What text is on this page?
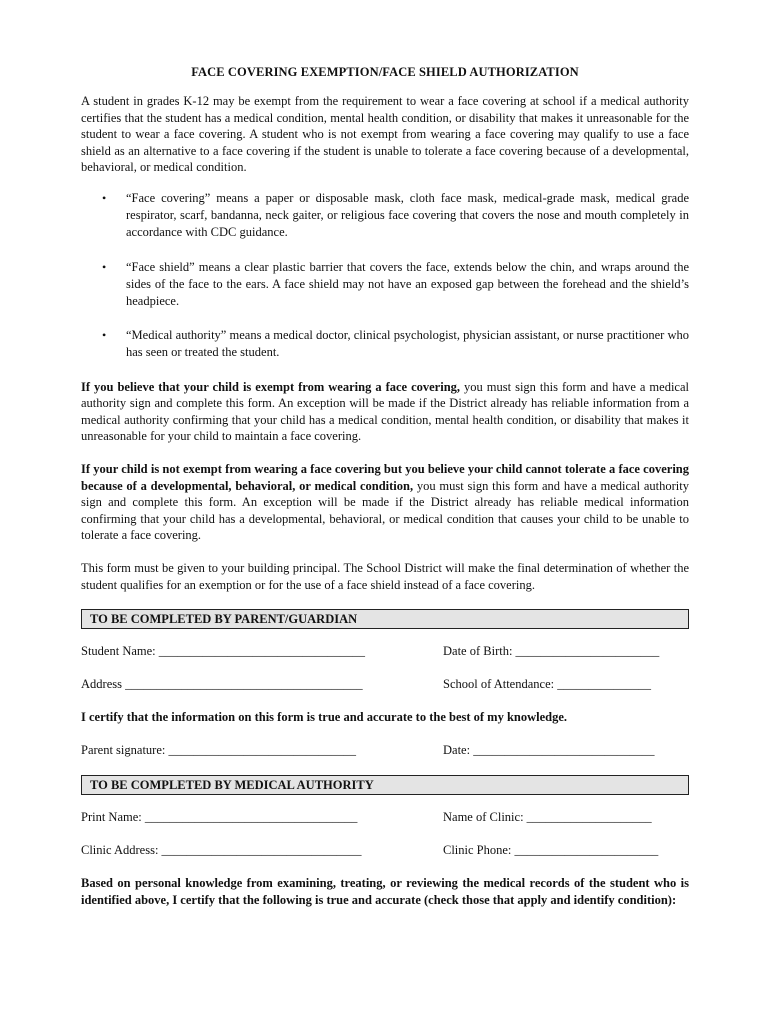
FACE COVERING EXEMPTION/FACE SHIELD AUTHORIZATION

A student in grades K-12 may be exempt from the requirement to wear a face covering at school if a medical authority certifies that the student has a medical condition, mental health condition, or disability that makes it unreasonable for the student to wear a face covering. A student who is not exempt from wearing a face covering may qualify to use a face shield as an alternative to a face covering if the student is unable to tolerate a face covering because of a developmental, behavioral, or medical condition.

• “Face covering” means a paper or disposable mask, cloth face mask, medical-grade mask, medical grade respirator, scarf, bandanna, neck gaiter, or religious face covering that covers the nose and mouth completely in accordance with CDC guidance.
• “Face shield” means a clear plastic barrier that covers the face, extends below the chin, and wraps around the sides of the face to the ears. A face shield may not have an exposed gap between the forehead and the shield’s headpiece.
• “Medical authority” means a medical doctor, clinical psychologist, physician assistant, or nurse practitioner who has seen or treated the student.

If you believe that your child is exempt from wearing a face covering, you must sign this form and have a medical authority sign and complete this form. An exception will be made if the District already has reliable information from a medical authority confirming that your child has a medical condition, mental health condition, or disability that makes it unreasonable for your child to maintain a face covering.

If your child is not exempt from wearing a face covering but you believe your child cannot tolerate a face covering because of a developmental, behavioral, or medical condition, you must sign this form and have a medical authority sign and complete this form. An exception will be made if the District already has reliable medical information confirming that your child has a developmental, behavioral, or medical condition that causes your child to be unable to tolerate a face covering.

This form must be given to your building principal. The School District will make the final determination of whether the student qualifies for an exemption or for the use of a face shield instead of a face covering.

TO BE COMPLETED BY PARENT/GUARDIAN
Student Name: _________________________________	Date of Birth: _______________________
Address ______________________________________	School of Attendance: _______________
I certify that the information on this form is true and accurate to the best of my knowledge.
Parent signature: ______________________________	Date: _____________________________
TO BE COMPLETED BY MEDICAL AUTHORITY
Print Name: __________________________________	Name of Clinic: ____________________
Clinic Address: ________________________________	Clinic Phone: _______________________

Based on personal knowledge from examining, treating, or reviewing the medical records of the student who is identified above, I certify that the following is true and accurate (check those that apply and identify condition):
